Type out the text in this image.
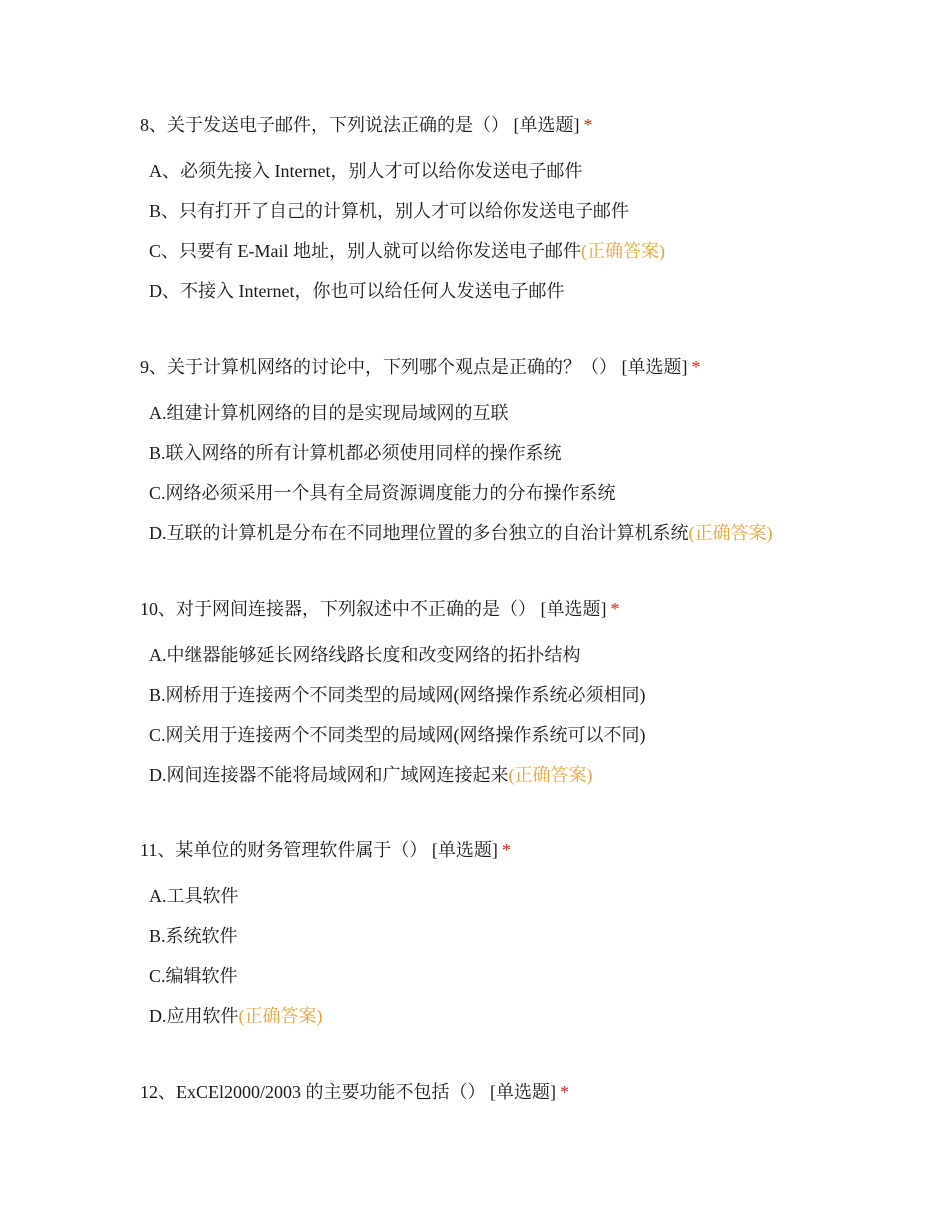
8、关于发送电子邮件，下列说法正确的是（） [单选题] *
A、必须先接入 Internet，别人才可以给你发送电子邮件
B、只有打开了自己的计算机，别人才可以给你发送电子邮件
C、只要有 E-Mail 地址，别人就可以给你发送电子邮件(正确答案)
D、不接入 Internet，你也可以给任何人发送电子邮件
9、关于计算机网络的讨论中，下列哪个观点是正确的？（） [单选题] *
A.组建计算机网络的目的是实现局域网的互联
B.联入网络的所有计算机都必须使用同样的操作系统
C.网络必须采用一个具有全局资源调度能力的分布操作系统
D.互联的计算机是分布在不同地理位置的多台独立的自治计算机系统(正确答案)
10、对于网间连接器，下列叙述中不正确的是（） [单选题] *
A.中继器能够延长网络线路长度和改变网络的拓扑结构
B.网桥用于连接两个不同类型的局域网(网络操作系统必须相同)
C.网关用于连接两个不同类型的局域网(网络操作系统可以不同)
D.网间连接器不能将局域网和广域网连接起来(正确答案)
11、某单位的财务管理软件属于（） [单选题] *
A.工具软件
B.系统软件
C.编辑软件
D.应用软件(正确答案)
12、ExCEl2000/2003 的主要功能不包括（） [单选题] *
